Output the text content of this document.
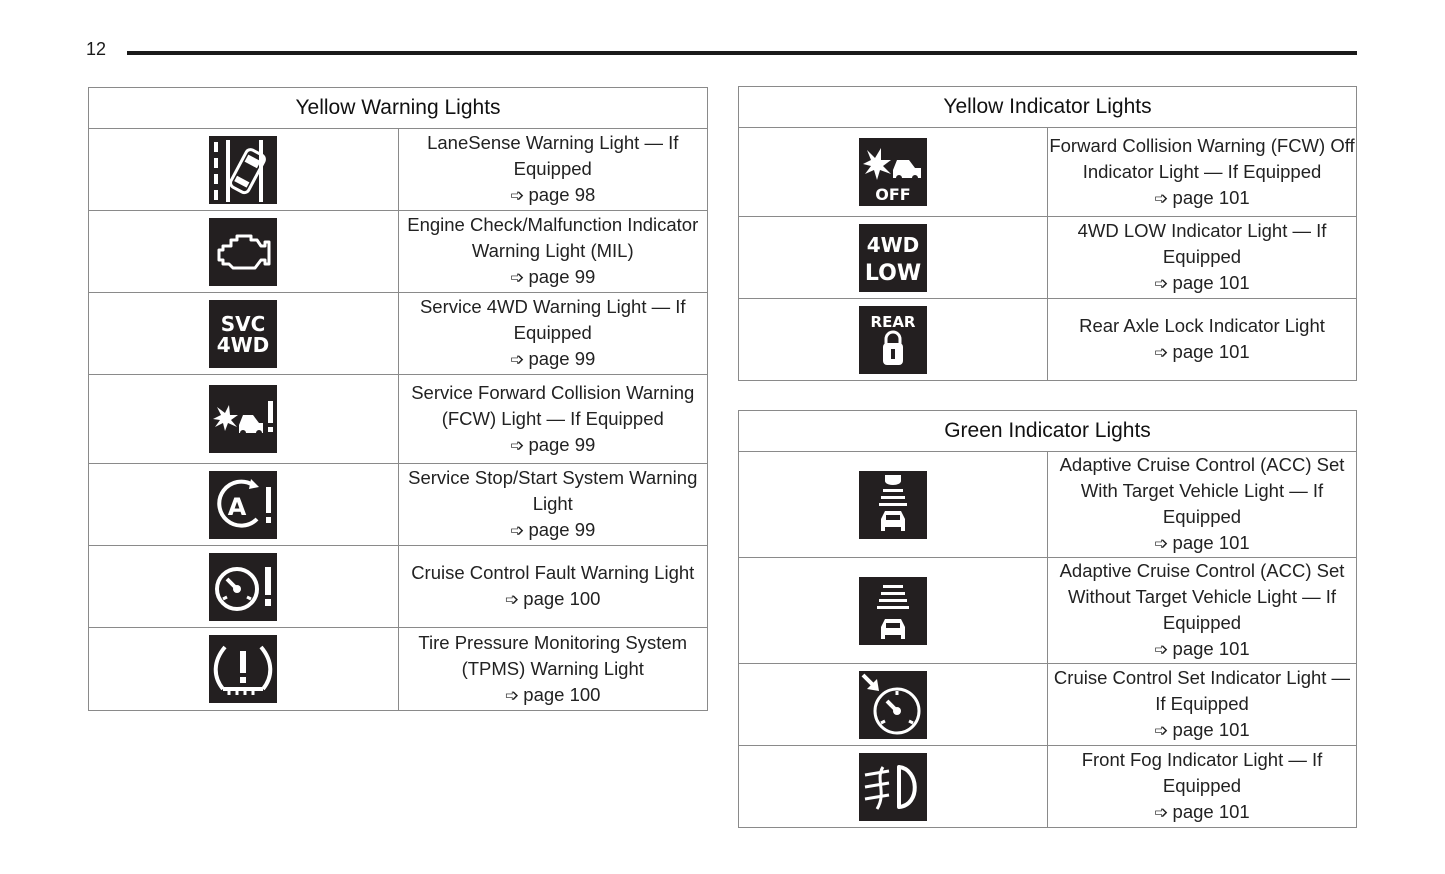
12
Yellow Warning Lights	

LaneSense Warning Light — If Equipped
➩ page 98

Engine Check/Malfunction Indicator Warning Light (MIL)
➩ page 99

SVC
4WD	Service 4WD Warning Light — If Equipped
➩ page 99

Service Forward Collision Warning (FCW) Light — If Equipped
➩ page 99

A	Service Stop/Start System Warning Light
➩ page 99

Cruise Control Fault Warning Light
➩ page 100

Tire Pressure Monitoring System (TPMS) Warning Light
➩ page 100
Yellow Indicator Lights	

OFF	Forward Collision Warning (FCW) Off Indicator Light — If Equipped
➩ page 101

4WD
LOW	4WD LOW Indicator Light — If Equipped
➩ page 101

REAR	Rear Axle Lock Indicator Light
➩ page 101
Green Indicator Lights	

Adaptive Cruise Control (ACC) Set With Target Vehicle Light — If Equipped
➩ page 101

Adaptive Cruise Control (ACC) Set Without Target Vehicle Light — If Equipped
➩ page 101

Cruise Control Set Indicator Light — If Equipped
➩ page 101

Front Fog Indicator Light — If Equipped
➩ page 101
